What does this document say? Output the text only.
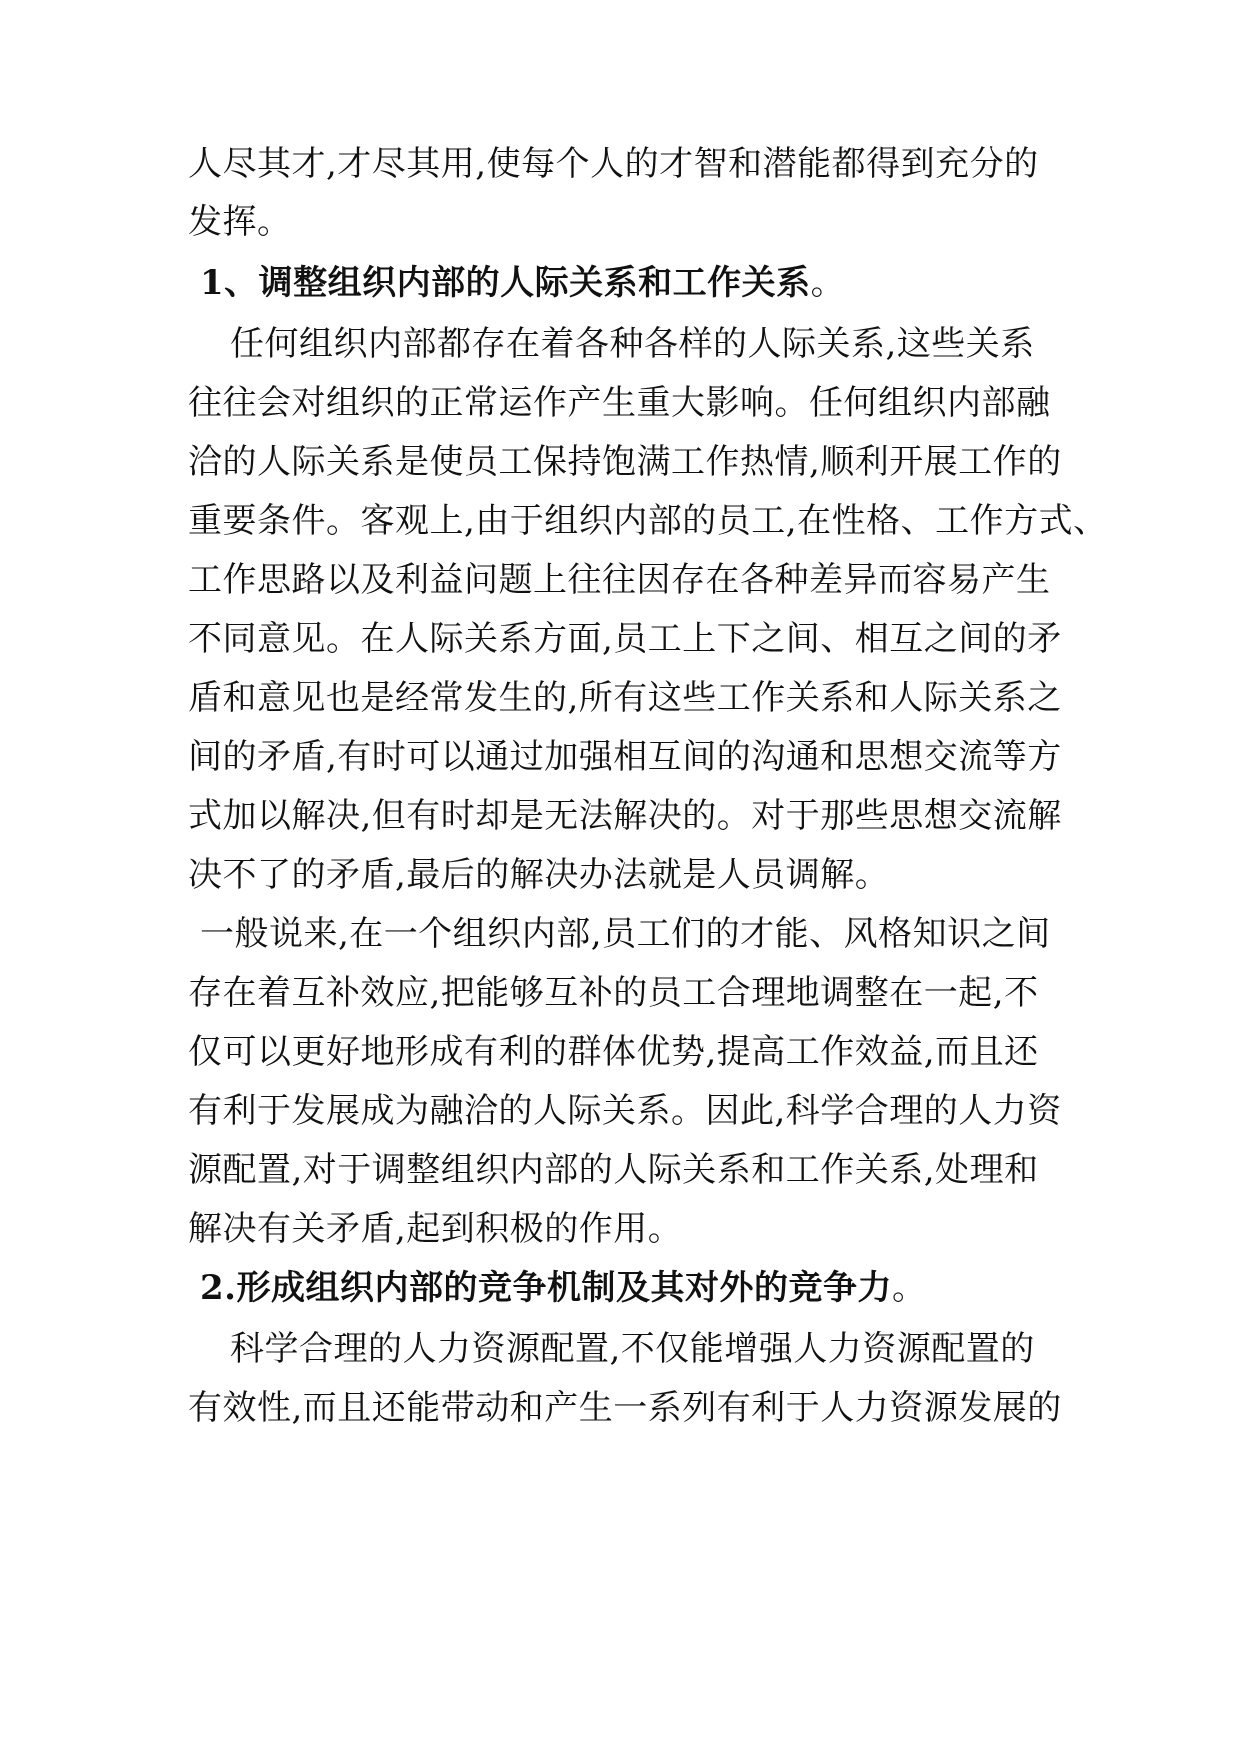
人尽其才,才尽其用,使每个人的才智和潜能都得到充分的
发挥。
1、调整组织内部的人际关系和工作关系。
任何组织内部都存在着各种各样的人际关系,这些关系
往往会对组织的正常运作产生重大影响。任何组织内部融
洽的人际关系是使员工保持饱满工作热情,顺利开展工作的
重要条件。客观上,由于组织内部的员工,在性格、工作方式、
工作思路以及利益问题上往往因存在各种差异而容易产生
不同意见。在人际关系方面,员工上下之间、相互之间的矛
盾和意见也是经常发生的,所有这些工作关系和人际关系之
间的矛盾,有时可以通过加强相互间的沟通和思想交流等方
式加以解决,但有时却是无法解决的。对于那些思想交流解
决不了的矛盾,最后的解决办法就是人员调解。
一般说来,在一个组织内部,员工们的才能、风格知识之间
存在着互补效应,把能够互补的员工合理地调整在一起,不
仅可以更好地形成有利的群体优势,提高工作效益,而且还
有利于发展成为融洽的人际关系。因此,科学合理的人力资
源配置,对于调整组织内部的人际关系和工作关系,处理和
解决有关矛盾,起到积极的作用。
2.形成组织内部的竞争机制及其对外的竞争力。
科学合理的人力资源配置,不仅能增强人力资源配置的
有效性,而且还能带动和产生一系列有利于人力资源发展的
